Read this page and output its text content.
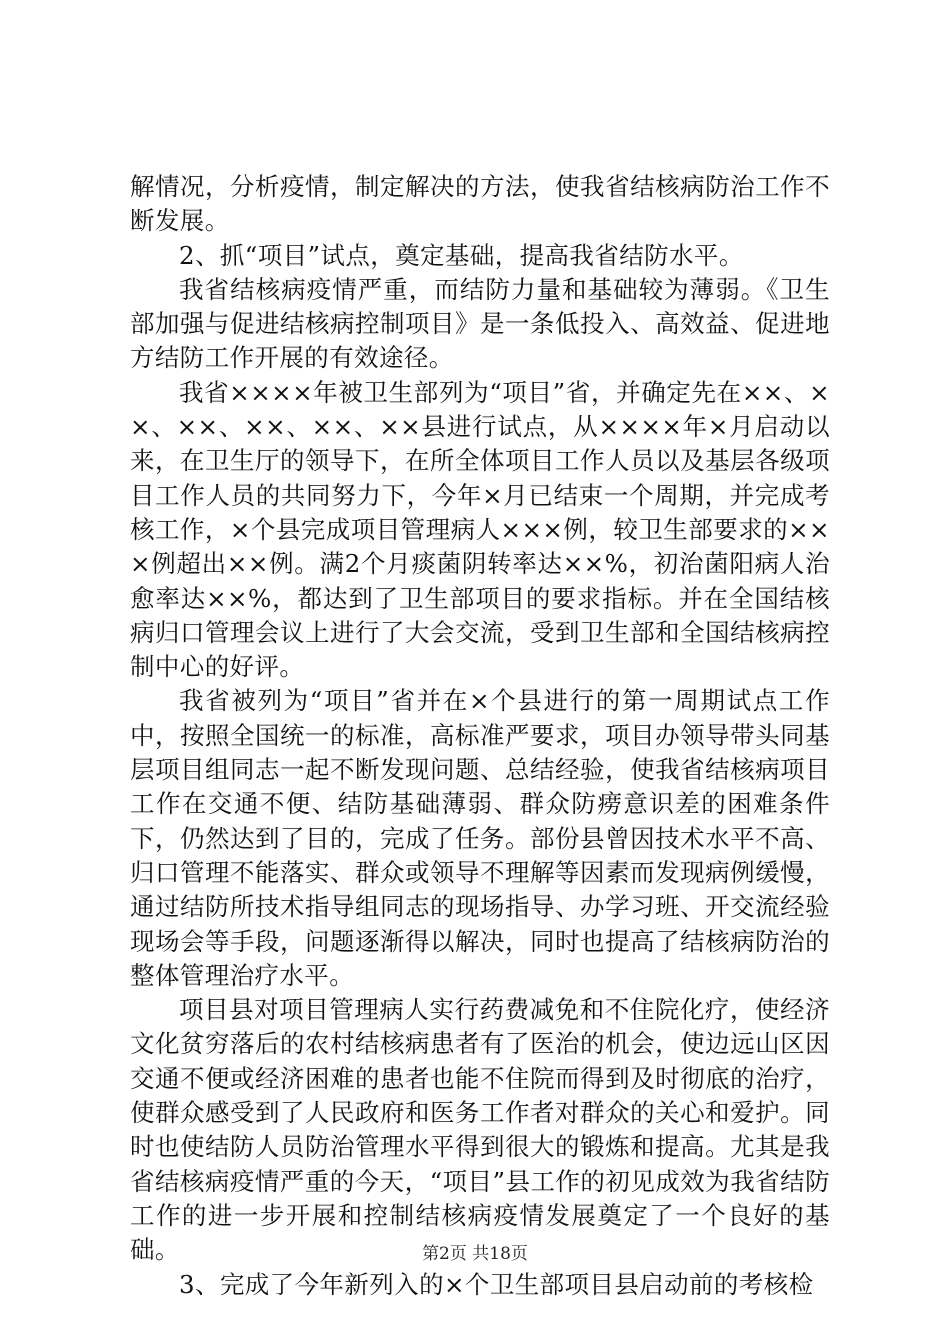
解情况，分析疫情，制定解决的方法，使我省结核病防治工作不断发展。

2、抓“项目”试点，奠定基础，提高我省结防水平。

我省结核病疫情严重，而结防力量和基础较为薄弱。《卫生部加强与促进结核病控制项目》是一条低投入、高效益、促进地方结防工作开展的有效途径。

我省××××年被卫生部列为“项目”省，并确定先在××、××、××、××、××、××县进行试点，从××××年×月启动以来，在卫生厅的领导下，在所全体项目工作人员以及基层各级项目工作人员的共同努力下，今年×月已结束一个周期，并完成考核工作，×个县完成项目管理病人×××例，较卫生部要求的×××例超出××例。满2个月痰菌阴转率达××%，初治菌阳病人治愈率达××%，都达到了卫生部项目的要求指标。并在全国结核病归口管理会议上进行了大会交流，受到卫生部和全国结核病控制中心的好评。

我省被列为“项目”省并在×个县进行的第一周期试点工作中，按照全国统一的标准，高标准严要求，项目办领导带头同基层项目组同志一起不断发现问题、总结经验，使我省结核病项目工作在交通不便、结防基础薄弱、群众防痨意识差的困难条件下，仍然达到了目的，完成了任务。部份县曾因技术水平不高、归口管理不能落实、群众或领导不理解等因素而发现病例缓慢，通过结防所技术指导组同志的现场指导、办学习班、开交流经验现场会等手段，问题逐渐得以解决，同时也提高了结核病防治的整体管理治疗水平。

项目县对项目管理病人实行药费减免和不住院化疗，使经济文化贫穷落后的农村结核病患者有了医治的机会，使边远山区因交通不便或经济困难的患者也能不住院而得到及时彻底的治疗，使群众感受到了人民政府和医务工作者对群众的关心和爱护。同时也使结防人员防治管理水平得到很大的锻炼和提高。尤其是我省结核病疫情严重的今天，“项目”县工作的初见成效为我省结防工作的进一步开展和控制结核病疫情发展奠定了一个良好的基础。

3、完成了今年新列入的×个卫生部项目县启动前的考核检

第2页 共18页
